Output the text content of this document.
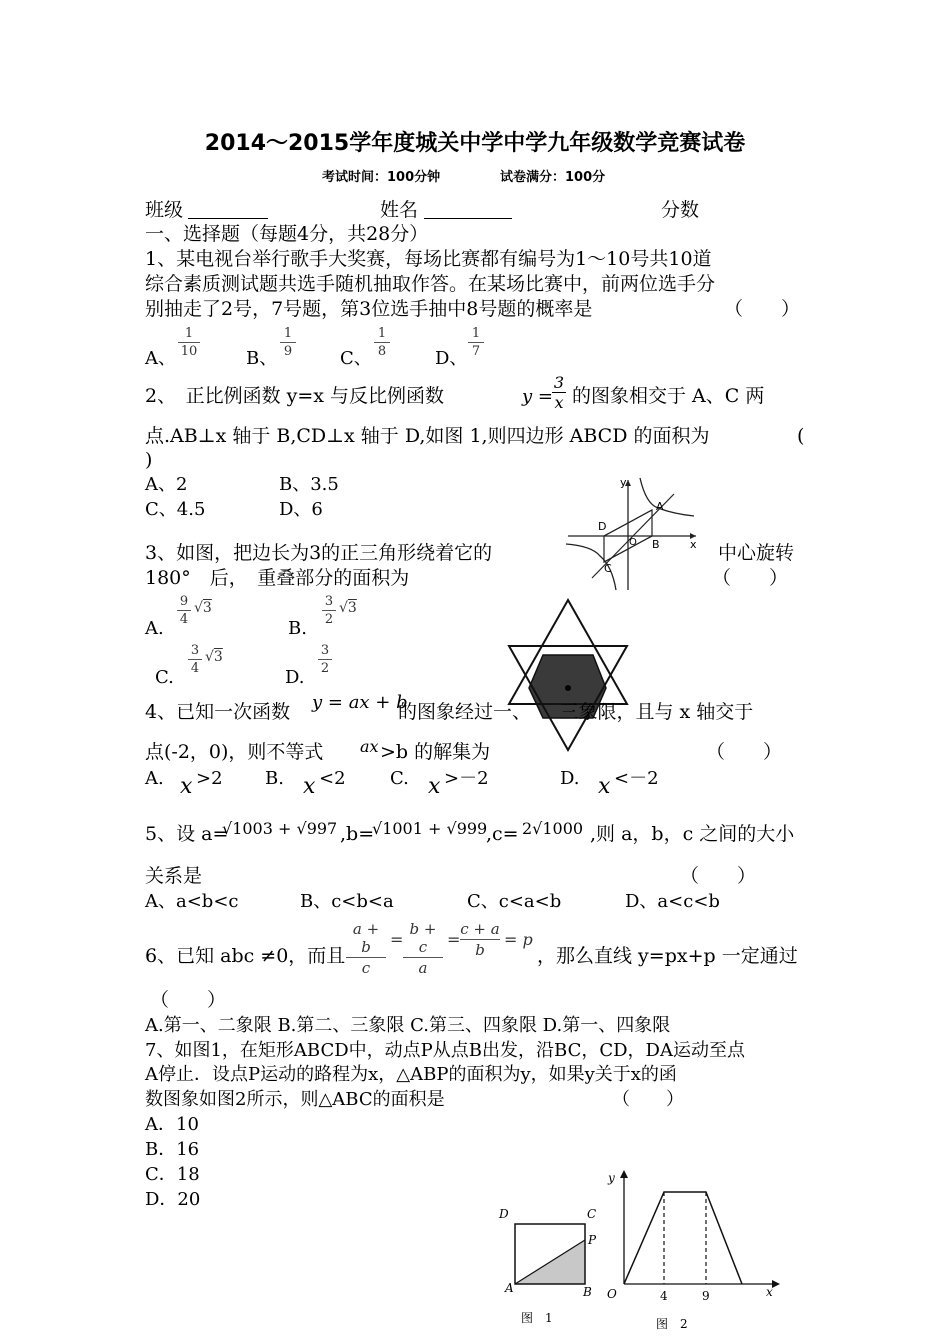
2014～2015学年度城关中学中学九年级数学竞赛试卷
考试时间：100分钟	试卷满分：100分
班级	姓名	分数
一、选择题（每题4分，共28分）
1、某电视台举行歌手大奖赛，每场比赛都有编号为1～10号共10道
综合素质测试题共选手随机抽取作答。在某场比赛中，前两位选手分
别抽走了2号，7号题，第3位选手抽中8号题的概率是	（　　）
A、
1
10	B、
1
9	C、
1
8	D、
1
7
2、　正比例函数 y=x 与反比例函数	y =
3
x 的图象相交于 A、C 两
点.AB⊥x 轴于 B,CD⊥x 轴于 D,如图 1,则四边形 ABCD 的面积为	(
)
A、2	B、3.5
C、4.5	D、6
y
x
A
B
C
D
O
3、如图，把边长为3的正三角形绕着它的	中心旋转
180°　后，　重叠部分的面积为	（　　）
A.
9
4
√3
B.
3
2
√3
C.
3
4
√3
D.
3
2
4、已知一次函数 y = ax + b
的图象经过一、　　三象限，且与 x 轴交于
点(-2，0)，则不等式 ax >b 的解集为	（　　）
A. x >2 B. x <2 C. x >－2	D. x <－2
5、设 a=
√1003 + √997 ,b=
√1001 + √999
,c= 2√1000 ,则 a，b，c 之间的大小
关系是	（　　）
A、a<b<c	B、c<b<a	C、c<a<b	D、a<c<b
6、已知 abc ≠0，而且
a + b
c
=
b + c
a
=
c + a
b
= p
，那么直线 y=px+p 一定通过
（　　）
A.第一、二象限 B.第二、三象限 C.第三、四象限 D.第一、四象限
7、如图1，在矩形ABCD中，动点P从点B出发，沿BC，CD，DA运动至点
A停止．设点P运动的路程为x，△ABP的面积为y，如果y关于x的函
数图象如图2所示，则△ABC的面积是	（　　）
A．10
B．16
C．18
D．20
D	C
P
A	B
图　1
y
x
O	4	9
图　2
